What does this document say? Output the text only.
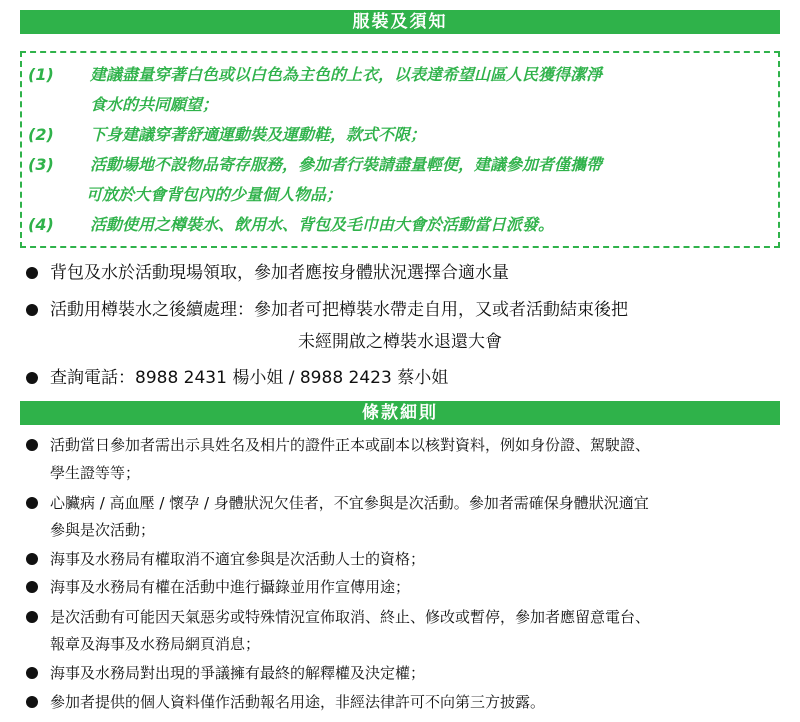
服裝及須知
(1)	建議盡量穿著白色或以白色為主色的上衣，以表達希望山區人民獲得潔淨
食水的共同願望；
(2)	下身建議穿著舒適運動裝及運動鞋，款式不限；
(3)	活動場地不設物品寄存服務，參加者行裝請盡量輕便，建議參加者僅攜帶
可放於大會背包內的少量個人物品；
(4)	活動使用之樽裝水、飲用水、背包及毛巾由大會於活動當日派發。
背包及水於活動現場領取，參加者應按身體狀況選擇合適水量
活動用樽裝水之後續處理：參加者可把樽裝水帶走自用，又或者活動結束後把
未經開啟之樽裝水退還大會
查詢電話：8988 2431 楊小姐 / 8988 2423 蔡小姐
條款細則
活動當日參加者需出示具姓名及相片的證件正本或副本以核對資料，例如身份證、駕駛證、
學生證等等；
心臟病 / 高血壓 / 懷孕 / 身體狀況欠佳者，不宜參與是次活動。參加者需確保身體狀況適宜
參與是次活動；
海事及水務局有權取消不適宜參與是次活動人士的資格；
海事及水務局有權在活動中進行攝錄並用作宣傳用途；
是次活動有可能因天氣惡劣或特殊情況宣佈取消、終止、修改或暫停，參加者應留意電台、
報章及海事及水務局網頁消息；
海事及水務局對出現的爭議擁有最終的解釋權及決定權；
參加者提供的個人資料僅作活動報名用途，非經法律許可不向第三方披露。
